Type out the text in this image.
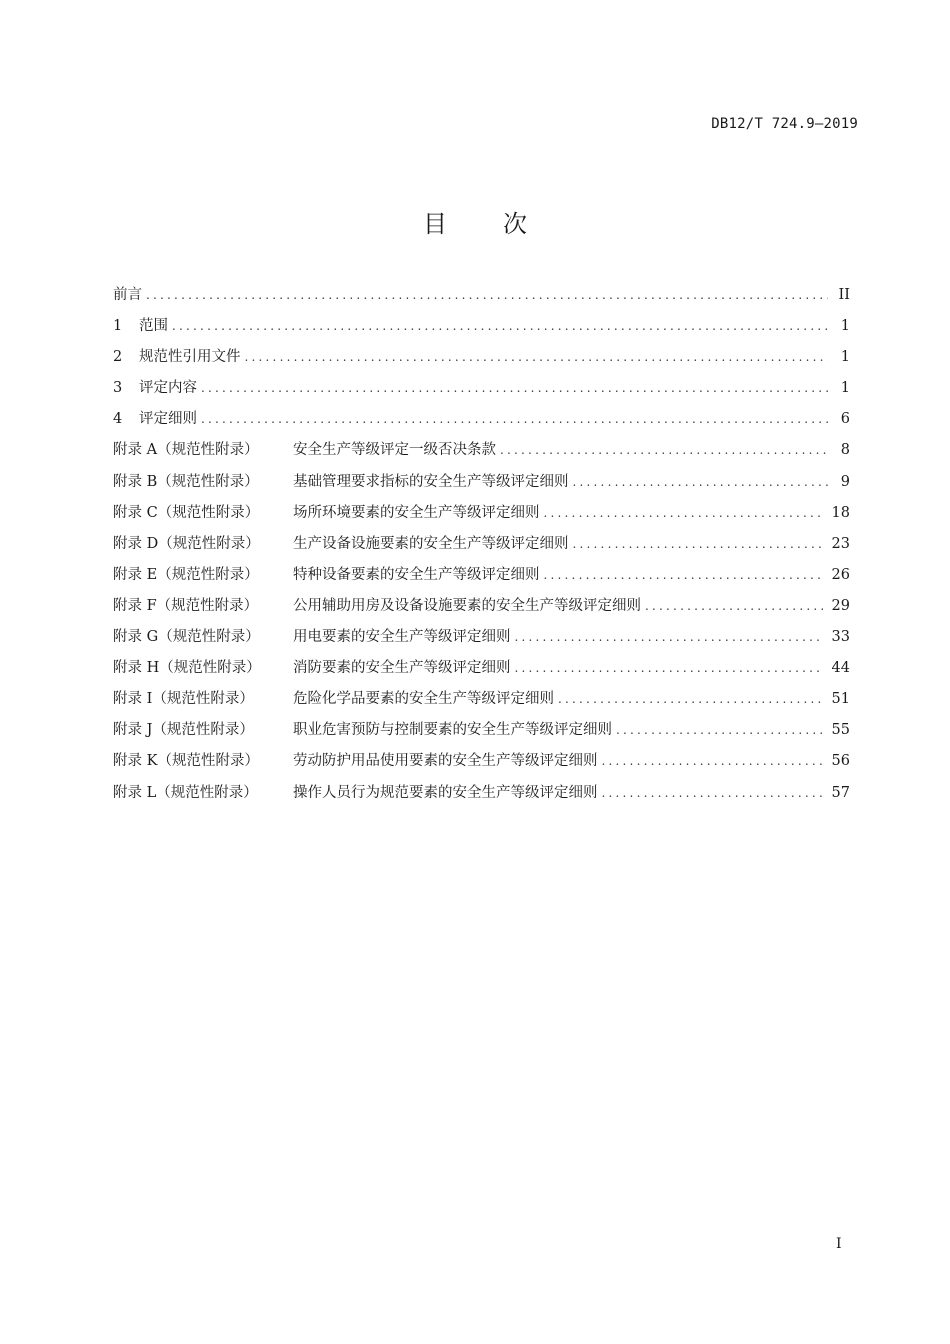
DB12/T 724.9—2019
目 次
前言 .....	II
1	范围 .....	1
2	规范性引用文件 .....	1
3	评定内容 .....	1
4	评定细则 .....	6
附录 A（规范性附录）	安全生产等级评定一级否决条款 .....	8
附录 B（规范性附录）	基础管理要求指标的安全生产等级评定细则 .....	9
附录 C（规范性附录）	场所环境要素的安全生产等级评定细则 .....	18
附录 D（规范性附录）	生产设备设施要素的安全生产等级评定细则 .....	23
附录 E（规范性附录）	特种设备要素的安全生产等级评定细则 .....	26
附录 F（规范性附录）	公用辅助用房及设备设施要素的安全生产等级评定细则 .....	29
附录 G（规范性附录）	用电要素的安全生产等级评定细则 .....	33
附录 H（规范性附录）	消防要素的安全生产等级评定细则 .....	44
附录 I（规范性附录）	危险化学品要素的安全生产等级评定细则 .....	51
附录 J（规范性附录）	职业危害预防与控制要素的安全生产等级评定细则 .....	55
附录 K（规范性附录）	劳动防护用品使用要素的安全生产等级评定细则 .....	56
附录 L（规范性附录）	操作人员行为规范要素的安全生产等级评定细则 .....	57
I
